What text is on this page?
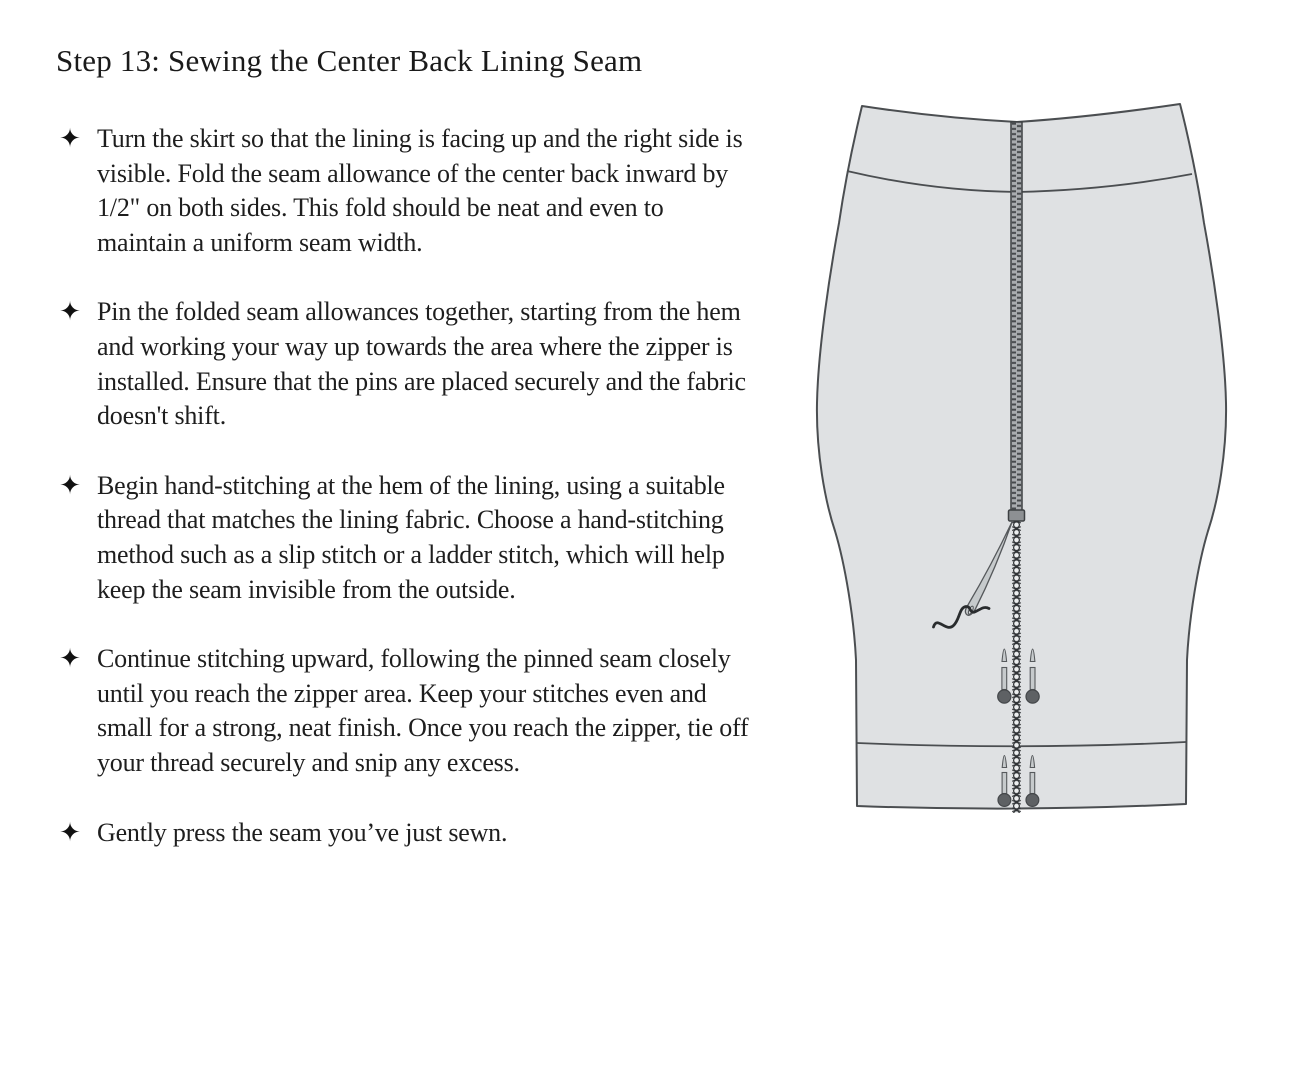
Step 13: Sewing the Center Back Lining Seam
✦ Turn the skirt so that the lining is facing up and the right side is visible. Fold the seam allowance of the center back inward by 1/2" on both sides. This fold should be neat and even to maintain a uniform seam width.

✦ Pin the folded seam allowances together, starting from the hem and working your way up towards the area where the zipper is installed. Ensure that the pins are placed securely and the fabric doesn't shift.

✦ Begin hand-stitching at the hem of the lining, using a suitable thread that matches the lining fabric. Choose a hand-stitching method such as a slip stitch or a ladder stitch, which will help keep the seam invisible from the outside.

✦ Continue stitching upward, following the pinned seam closely until you reach the zipper area. Keep your stitches even and small for a strong, neat finish. Once you reach the zipper, tie off your thread securely and snip any excess.

✦ Gently press the seam you’ve just sewn.
